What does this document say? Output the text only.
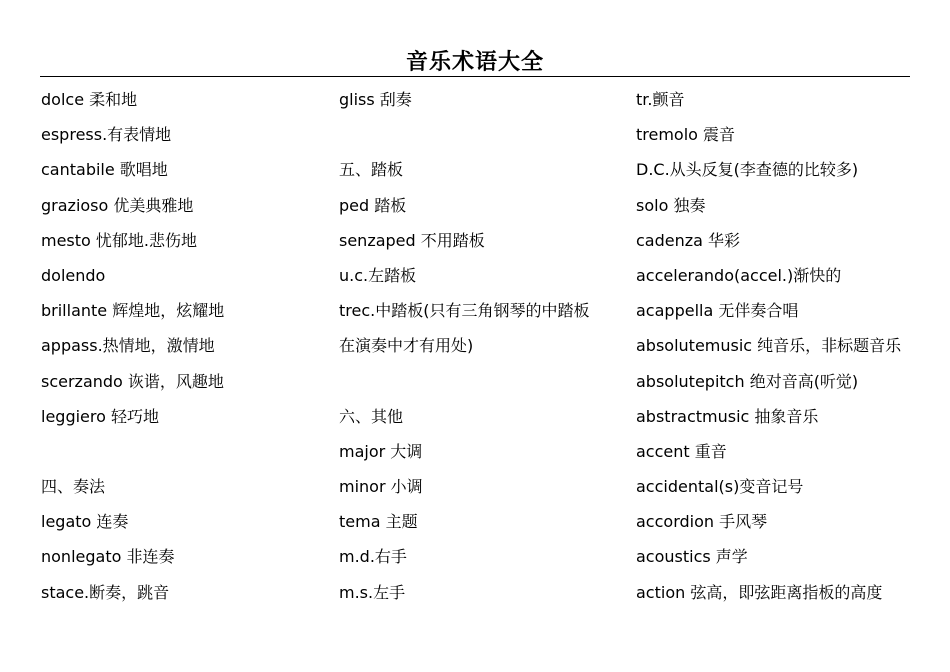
音乐术语大全
dolce 柔和地
espress.有表情地
cantabile 歌唱地
grazioso 优美典雅地
mesto 忧郁地.悲伤地
dolendo
brillante 辉煌地，炫耀地
appass.热情地，激情地
scerzando 诙谐，风趣地
leggiero 轻巧地
四、奏法
legato 连奏
nonlegato 非连奏
stace.断奏，跳音
gliss 刮奏
五、踏板
ped 踏板
senzaped 不用踏板
u.c.左踏板
trec.中踏板(只有三角钢琴的中踏板
在演奏中才有用处)
六、其他
major 大调
minor 小调
tema 主题
m.d.右手
m.s.左手
tr.颤音
tremolo 震音
D.C.从头反复(李查德的比较多)
solo 独奏
cadenza 华彩
accelerando(accel.)渐快的
acappella 无伴奏合唱
absolutemusic 纯音乐，非标题音乐
absolutepitch 绝对音高(听觉)
abstractmusic 抽象音乐
accent 重音
accidental(s)变音记号
accordion 手风琴
acoustics 声学
action 弦高，即弦距离指板的高度
